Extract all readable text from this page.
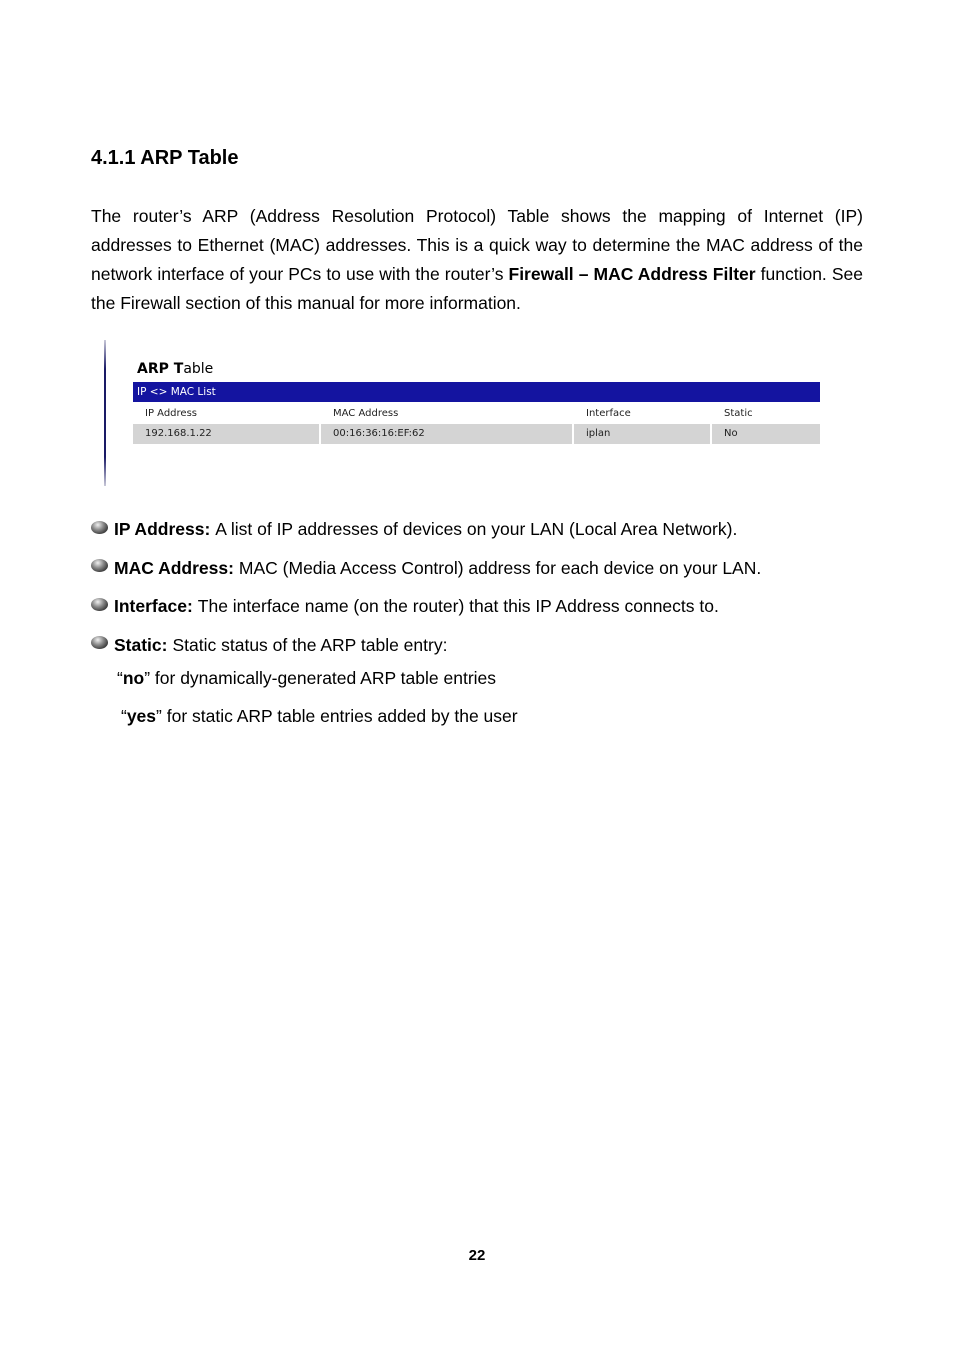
4.1.1 ARP Table

The router’s ARP (Address Resolution Protocol) Table shows the mapping of Internet (IP) addresses to Ethernet (MAC) addresses. This is a quick way to determine the MAC address of the network interface of your PCs to use with the router’s Firewall – MAC Address Filter function. See the Firewall section of this manual for more information.

ARP Table
IP <> MAC List
IP Address	MAC Address	Interface	Static
192.168.1.22	00:16:36:16:EF:62	iplan	No
IP Address: A list of IP addresses of devices on your LAN (Local Area Network).
MAC Address: MAC (Media Access Control) address for each device on your LAN.
Interface: The interface name (on the router) that this IP Address connects to.
Static: Static status of the ARP table entry:

“no” for dynamically-generated ARP table entries

“yes” for static ARP table entries added by the user

22
